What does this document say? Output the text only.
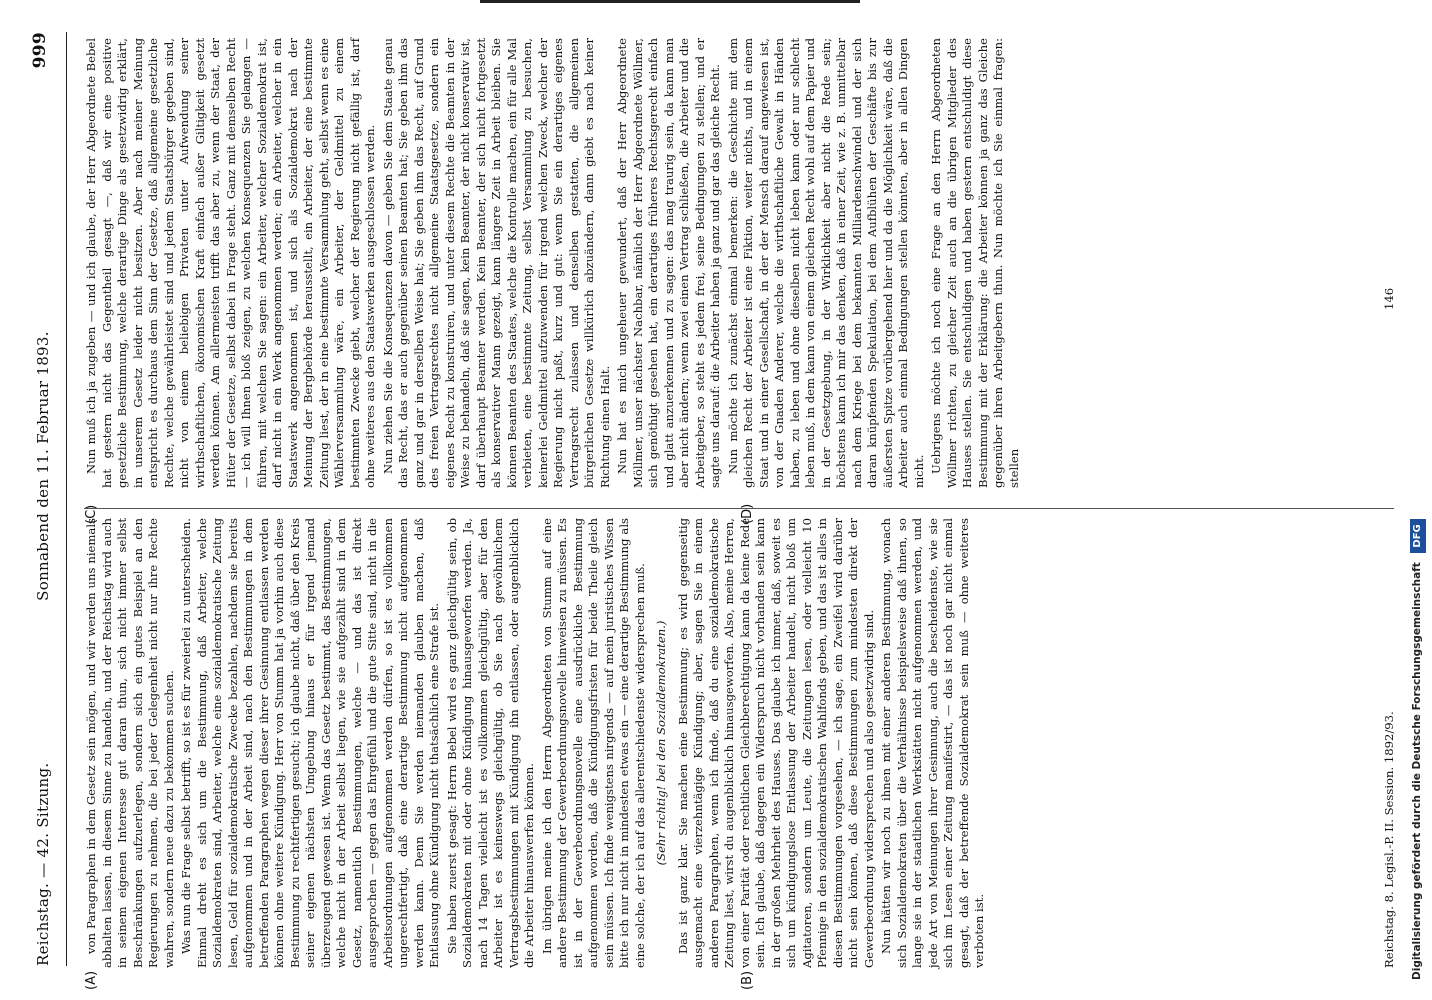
Reichstag. — 42. Sitzung.
Sonnabend den 11. Februar 1893.
999
(A)	(B)
(C)	(D)

von Paragraphen in dem Gesetz sein mögen, und wir werden uns niemals abhalten lassen, in diesem Sinne zu handeln, und der Reichstag wird auch in seinem eigenen Interesse gut daran thun, sich nicht immer selbst Beschränkungen aufzuerlegen, sondern sich ein gutes Beispiel an den Regierungen zu nehmen, die bei jeder Gelegenheit nicht nur ihre Rechte wahren, sondern neue dazu zu bekommen suchen. Was nun die Frage selbst betrifft, so ist es für zweierlei zu unterscheiden. Einmal dreht es sich um die Bestimmung, daß Arbeiter, welche Sozialdemokraten sind, Arbeiter, welche eine sozialdemokratische Zeitung lesen, Geld für sozialdemokratische Zwecke bezahlen, nachdem sie bereits aufgenommen und in der Arbeit sind, nach den Bestimmungen in dem betreffenden Paragraphen wegen dieser ihrer Gesinnung entlassen werden können ohne weitere Kündigung. Herr von Stumm hat ja vorhin auch diese Bestimmung zu rechtfertigen gesucht; ich glaube nicht, daß über den Kreis seiner eigenen nächsten Umgebung hinaus er für irgend jemand überzeugend gewesen ist. Wenn das Gesetz bestimmt, das Bestimmungen, welche nicht in der Arbeit selbst liegen, wie sie aufgezählt sind in dem Gesetz, namentlich Bestimmungen, welche — und das ist direkt ausgesprochen — gegen das Ehrgefühl und die gute Sitte sind, nicht in die Arbeitsordnungen aufgenommen werden dürfen, so ist es vollkommen ungerechtfertigt, daß eine derartige Bestimmung nicht aufgenommen werden kann. Denn Sie werden niemanden glauben machen, daß Entlassung ohne Kündigung nicht thatsächlich eine Strafe ist. Sie haben zuerst gesagt: Herrn Bebel wird es ganz gleichgültig sein, ob Sozialdemokraten mit oder ohne Kündigung hinausgeworfen werden. Ja, nach 14 Tagen vielleicht ist es vollkommen gleichgültig, aber für den Arbeiter ist es keineswegs gleichgültig, ob Sie nach gewöhnlichem Vertragsbestimmungen mit Kündigung ihn entlassen, oder augenblicklich die Arbeiter hinauswerfen können. Im übrigen meine ich den Herrn Abgeordneten von Stumm auf eine andere Bestimmung der Gewerbeordnungsnovelle hinweisen zu müssen. Es ist in der Gewerbeordnungsnovelle eine ausdrückliche Bestimmung aufgenommen worden, daß die Kündigungsfristen für beide Theile gleich sein müssen. Ich finde wenigstens nirgends — auf mein juristisches Wissen bitte ich nur nicht in mindesten etwas ein — eine derartige Bestimmung als eine solche, der ich auf das allerentschiedenste widersprechen muß. (Sehr richtig! bei den Sozialdemokraten.) Das ist ganz klar. Sie machen eine Bestimmung; es wird gegenseitig ausgemacht eine vierzehntägige Kündigung; aber, sagen Sie in einem anderen Paragraphen, wenn ich finde, daß du eine sozialdemokratische Zeitung liest, wirst du augenblicklich hinausgeworfen. Also, meine Herren, von einer Parität oder rechtlichen Gleichberechtigung kann da keine Rede sein. Ich glaube, daß dagegen ein Widerspruch nicht vorhanden sein kann in der großen Mehrheit des Hauses. Das glaube ich immer, daß, soweit es sich um kündigungslose Entlassung der Arbeiter handelt, nicht bloß um Agitatoren, sondern um Leute, die Zeitungen lesen, oder vielleicht 10 Pfennige in den sozialdemokratischen Wahlfonds geben, und das ist alles in diesen Bestimmungen vorgesehen, — ich sage, ein Zweifel wird darüber nicht sein können, daß diese Bestimmungen zum mindesten direkt der Gewerbeordnung widersprechen und also gesetzwidrig sind. Nun hätten wir noch zu ihnen mit einer anderen Bestimmung, wonach sich Sozialdemokraten über die Verhältnisse beispielsweise daß ihnen, so lange sie in der staatlichen Werkstätten nicht aufgenommen werden, und jede Art von Meinungen ihrer Gesinnung, auch die bescheidenste, wie sie sich im Lesen einer Zeitung manifestirt, — das ist noch gar nicht einmal gesagt, daß der betreffende Sozialdemokrat sein muß — ohne weiteres verboten ist.

Nun muß ich ja zugeben — und ich glaube, der Herr Abgeordnete Bebel hat gestern nicht das Gegentheil gesagt —, daß wir eine positive gesetzliche Bestimmung, welche derartige Dinge als gesetzwidrig erklärt, in unserem Gesetz leider nicht besitzen. Aber nach meiner Meinung entspricht es durchaus dem Sinn der Gesetze, daß allgemeine gesetzliche Rechte, welche gewährleistet sind und jedem Staatsbürger gegeben sind, nicht von einem beliebigen Privaten unter Aufwendung seiner wirthschaftlichen, ökonomischen Kraft einfach außer Giltigkeit gesetzt werden können. Am allermeisten trifft das aber zu, wenn der Staat, der Hüter der Gesetze, selbst dabei in Frage steht. Ganz mit demselben Recht — ich will Ihnen bloß zeigen, zu welchen Konsequenzen Sie gelangen — führen, mit welchen Sie sagen: ein Arbeiter, welcher Sozialdemokrat ist, darf nicht in ein Werk angenommen werden; ein Arbeiter, welcher in ein Staatswerk angenommen ist, und sich als Sozialdemokrat nach der Meinung der Bergbehörde herausstellt, ein Arbeiter, der eine bestimmte Zeitung liest, der in eine bestimmte Versammlung geht, selbst wenn es eine Wählerversammlung wäre, ein Arbeiter, der Geldmittel zu einem bestimmten Zwecke giebt, welcher der Regierung nicht gefällig ist, darf ohne weiteres aus den Staatswerken ausgeschlossen werden. Nun ziehen Sie die Konsequenzen davon — geben Sie dem Staate genau das Recht, das er auch gegenüber seinen Beamten hat; Sie geben ihm das ganz und gar in derselben Weise hat; Sie geben ihm das Recht, auf Grund des freien Vertragsrechtes nicht allgemeine Staatsgesetze, sondern ein eigenes Recht zu konstruiren, und unter diesem Rechte die Beamten in der Weise zu behandeln, daß sie sagen, kein Beamter, der nicht konservativ ist, darf überhaupt Beamter werden. Kein Beamter, der sich nicht fortgesetzt als konservativer Mann gezeigt, kann längere Zeit in Arbeit bleiben. Sie können Beamten des Staates, welche die Kontrolle machen, ein für alle Mal verbieten, eine bestimmte Zeitung, selbst Versammlung zu besuchen, keinerlei Geldmittel aufzuwenden für irgend welchen Zweck, welcher der Regierung nicht paßt, kurz und gut: wenn Sie ein derartiges eigenes Vertragsrecht zulassen und denselben gestatten, die allgemeinen bürgerlichen Gesetze willkürlich abzuändern, dann giebt es nach keiner Richtung einen Halt. Nun hat es mich ungeheuer gewundert, daß der Herr Abgeordnete Möllmer, unser nächster Nachbar, nämlich der Herr Abgeordnete Wöllmer, sich genöthigt gesehen hat, ein derartiges früheres Rechtsgerecht einfach und glatt anzuerkennen und zu sagen: das mag traurig sein, da kann man aber nicht ändern; wenn zwei einen Vertrag schließen, die Arbeiter und die Arbeitgeber, so steht es jedem frei, seine Bedingungen zu stellen; und er sagte uns darauf: die Arbeiter haben ja ganz und gar das gleiche Recht. Nun möchte ich zunächst einmal bemerken: die Geschichte mit dem gleichen Recht der Arbeiter ist eine Fiktion, weiter nichts, und in einem Staat und in einer Gesellschaft, in der der Mensch darauf angewiesen ist, von der Gnaden Anderer, welche die wirthschaftliche Gewalt in Händen haben, zu leben und ohne dieselben nicht leben kann oder nur schlecht leben muß, in dem kann von einem gleichen Recht wohl auf dem Papier und in der Gesetzgebung, in der Wirklichkeit aber nicht die Rede sein; höchstens kann ich mir das denken, daß in einer Zeit, wie z. B. unmittelbar nach dem Kriege bei dem bekannten Milliardenschwindel und der sich daran knüpfenden Spekulation, bei dem Aufblühen der Geschäfte bis zur äußersten Spitze vorübergehend hier und da die Möglichkeit wäre, daß die Arbeiter auch einmal Bedingungen stellen könnten, aber in allen Dingen nicht. Uebrigens möchte ich noch eine Frage an den Herrn Abgeordneten Wöllmer richten, zu gleicher Zeit auch an die übrigen Mitglieder des Hauses stellen. Sie entschuldigen und haben gestern entschuldigt diese Bestimmung mit der Erklärung: die Arbeiter können ja ganz das Gleiche gegenüber ihren Arbeitgebern thun. Nun möchte ich Sie einmal fragen: stellen

Reichstag. 8. Legisl.-P. II. Session. 1892/93.
146
Digitalisierung gefördert durch die Deutsche Forschungsgemeinschaft DFG
